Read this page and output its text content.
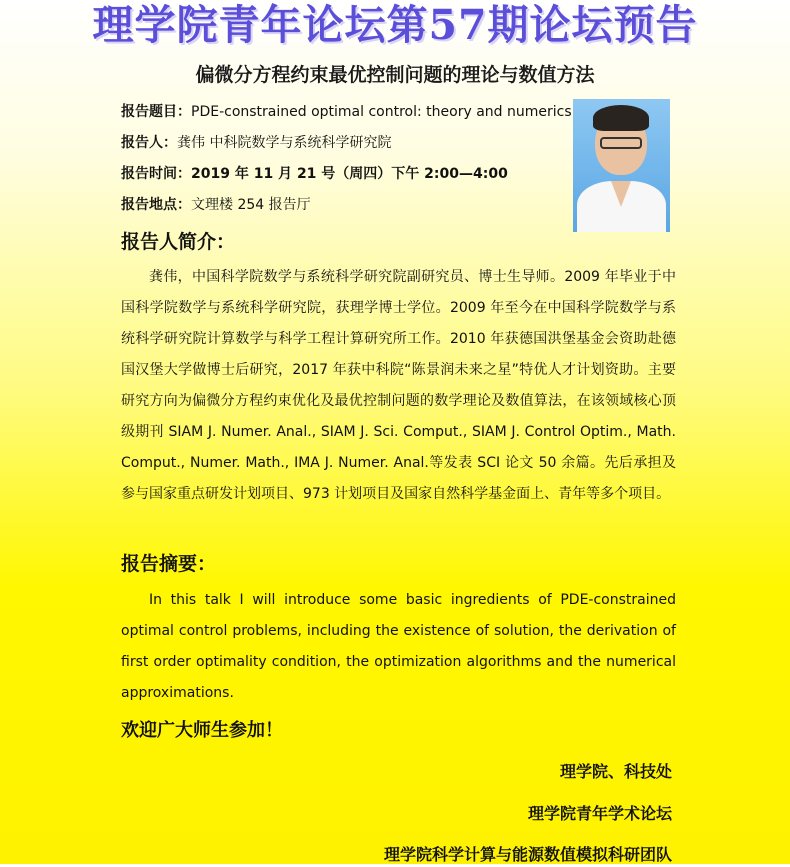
理学院青年论坛第57期论坛预告
偏微分方程约束最优控制问题的理论与数值方法
报告题目：PDE-constrained optimal control: theory and numerics
报告人：龚伟 中科院数学与系统科学研究院
报告时间：2019 年 11 月 21 号（周四）下午 2:00—4:00
报告地点：文理楼 254 报告厅
报告人简介：

龚伟，中国科学院数学与系统科学研究院副研究员、博士生导师。2009 年毕业于中国科学院数学与系统科学研究院，获理学博士学位。2009 年至今在中国科学院数学与系统科学研究院计算数学与科学工程计算研究所工作。2010 年获德国洪堡基金会资助赴德国汉堡大学做博士后研究，2017 年获中科院“陈景润未来之星”特优人才计划资助。主要研究方向为偏微分方程约束优化及最优控制问题的数学理论及数值算法，在该领域核心顶级期刊 SIAM J. Numer. Anal., SIAM J. Sci. Comput., SIAM J. Control Optim., Math. Comput., Numer. Math., IMA J. Numer. Anal.等发表 SCI 论文 50 余篇。先后承担及参与国家重点研发计划项目、973 计划项目及国家自然科学基金面上、青年等多个项目。

报告摘要：

In this talk I will introduce some basic ingredients of PDE-constrained optimal control problems, including the existence of solution, the derivation of first order optimality condition, the optimization algorithms and the numerical approximations.

欢迎广大师生参加！
理学院、科技处
理学院青年学术论坛
理学院科学计算与能源数值模拟科研团队
